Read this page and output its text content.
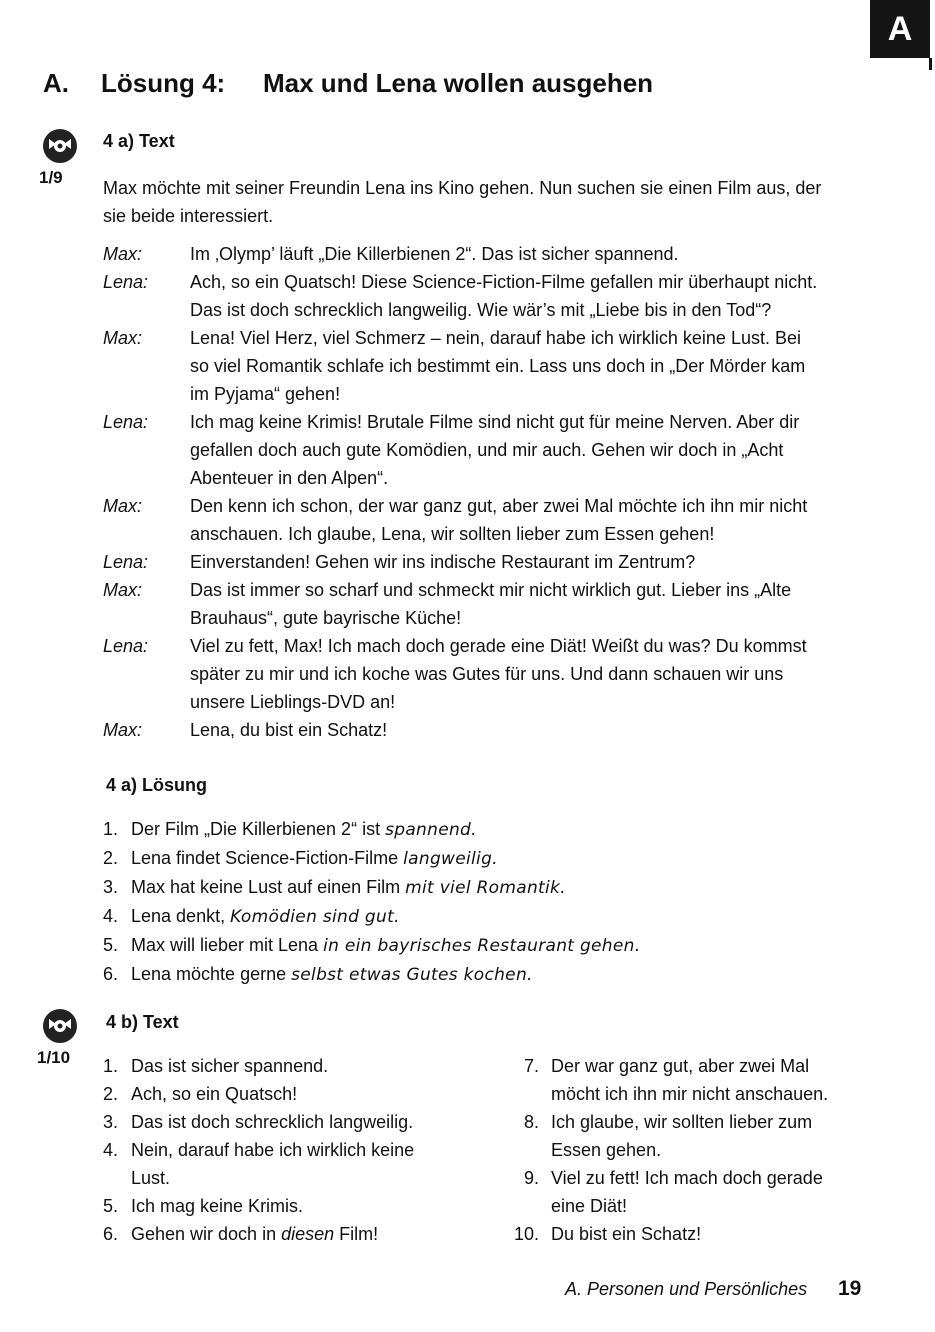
A
A. Lösung 4: Max und Lena wollen ausgehen
1/9
4 a) Text
Max möchte mit seiner Freundin Lena ins Kino gehen. Nun suchen sie einen Film aus, der sie beide interessiert.
Max:	Im ‚Olymp’ läuft „Die Killerbienen 2“. Das ist sicher spannend.
Lena:	Ach, so ein Quatsch! Diese Science-Fiction-Filme gefallen mir überhaupt nicht.
Das ist doch schrecklich langweilig. Wie wär’s mit „Liebe bis in den Tod“?
Max:	Lena! Viel Herz, viel Schmerz – nein, darauf habe ich wirklich keine Lust. Bei
so viel Romantik schlafe ich bestimmt ein. Lass uns doch in „Der Mörder kam
im Pyjama“ gehen!
Lena:	Ich mag keine Krimis! Brutale Filme sind nicht gut für meine Nerven. Aber dir
gefallen doch auch gute Komödien, und mir auch. Gehen wir doch in „Acht
Abenteuer in den Alpen“.
Max:	Den kenn ich schon, der war ganz gut, aber zwei Mal möchte ich ihn mir nicht
anschauen. Ich glaube, Lena, wir sollten lieber zum Essen gehen!
Lena:	Einverstanden! Gehen wir ins indische Restaurant im Zentrum?
Max:	Das ist immer so scharf und schmeckt mir nicht wirklich gut. Lieber ins „Alte
Brauhaus“, gute bayrische Küche!
Lena:	Viel zu fett, Max! Ich mach doch gerade eine Diät! Weißt du was? Du kommst
später zu mir und ich koche was Gutes für uns. Und dann schauen wir uns
unsere Lieblings-DVD an!
Max:	Lena, du bist ein Schatz!
4 a) Lösung
1. Der Film „Die Killerbienen 2“ ist spannend.
2. Lena findet Science-Fiction-Filme langweilig.
3. Max hat keine Lust auf einen Film mit viel Romantik.
4. Lena denkt, Komödien sind gut.
5. Max will lieber mit Lena in ein bayrisches Restaurant gehen.
6. Lena möchte gerne selbst etwas Gutes kochen.
1/10
4 b) Text
1. Das ist sicher spannend.
2. Ach, so ein Quatsch!
3. Das ist doch schrecklich langweilig.
4. Nein, darauf habe ich wirklich keine
Lust.
5. Ich mag keine Krimis.
6. Gehen wir doch in diesen Film!
7. Der war ganz gut, aber zwei Mal
möcht ich ihn mir nicht anschauen.
8. Ich glaube, wir sollten lieber zum
Essen gehen.
9. Viel zu fett! Ich mach doch gerade
eine Diät!
10. Du bist ein Schatz!
A. Personen und Persönliches 19
